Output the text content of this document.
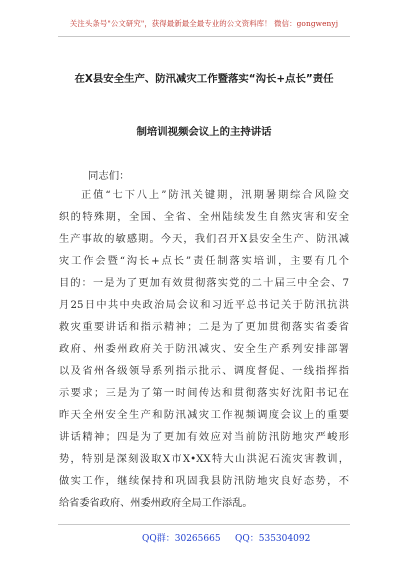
关注头条号"公文研究"，获得最新最全最专业的公文资料库！ 微信：gongwenyj
在X县安全生产、防汛减灾工作暨落实“沟长+点长”责任
制培训视频会议上的主持讲话
同志们：
正值“七下八上”防汛关键期，汛期暑期综合风险交
织的特殊期，全国、全省、全州陆续发生自然灾害和安全
生产事故的敏感期。今天，我们召开X县安全生产、防汛减
灾工作会暨“沟长+点长”责任制落实培训，主要有几个
目的：一是为了更加有效贯彻落实党的二十届三中全会、7
月25日中共中央政治局会议和习近平总书记关于防汛抗洪
救灾重要讲话和指示精神；二是为了更加贯彻落实省委省
政府、州委州政府关于防汛减灾、安全生产系列安排部署
以及省州各级领导系列指示批示、调度督促、一线指挥指
示要求；三是为了第一时间传达和贯彻落实好沈阳书记在
昨天全州安全生产和防汛减灾工作视频调度会议上的重要
讲话精神；四是为了更加有效应对当前防汛防地灾严峻形
势，特别是深刻汲取X市X•XX特大山洪泥石流灾害教训，
做实工作，继续保持和巩固我县防汛防地灾良好态势，不
给省委省政府、州委州政府全局工作添乱。
QQ群：30265665 QQ：535304092
